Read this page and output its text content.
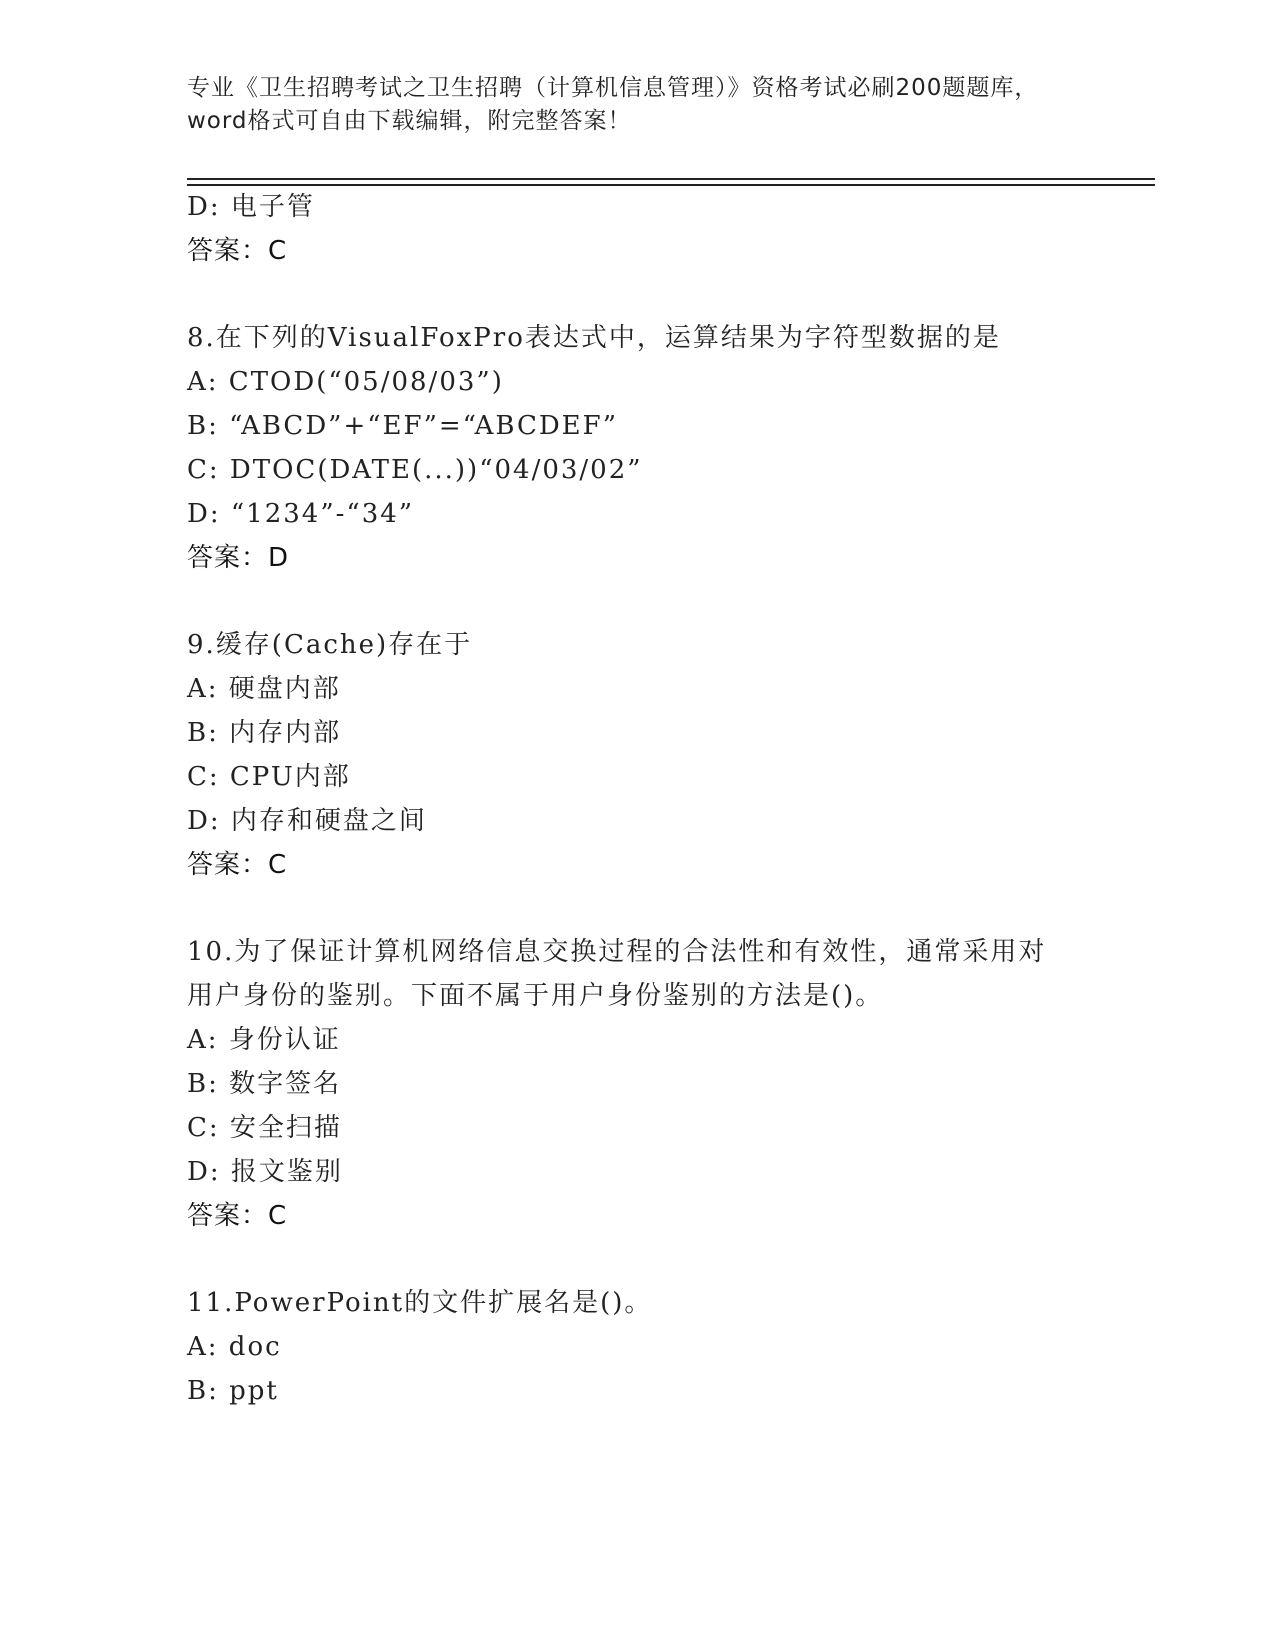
专业《卫生招聘考试之卫生招聘（计算机信息管理）》资格考试必刷200题题库，
word格式可自由下载编辑，附完整答案！
D: 电子管
答案：C
8.在下列的VisualFoxPro表达式中，运算结果为字符型数据的是
A: CTOD(“05/08/03”)
B: “ABCD”+“EF”=“ABCDEF”
C: DTOC(DATE(...))“04/03/02”
D: “1234”-“34”
答案：D
9.缓存(Cache)存在于
A: 硬盘内部
B: 内存内部
C: CPU内部
D: 内存和硬盘之间
答案：C
10.为了保证计算机网络信息交换过程的合法性和有效性，通常采用对
用户身份的鉴别。下面不属于用户身份鉴别的方法是()。
A: 身份认证
B: 数字签名
C: 安全扫描
D: 报文鉴别
答案：C
11.PowerPoint的文件扩展名是()。
A: doc
B: ppt
